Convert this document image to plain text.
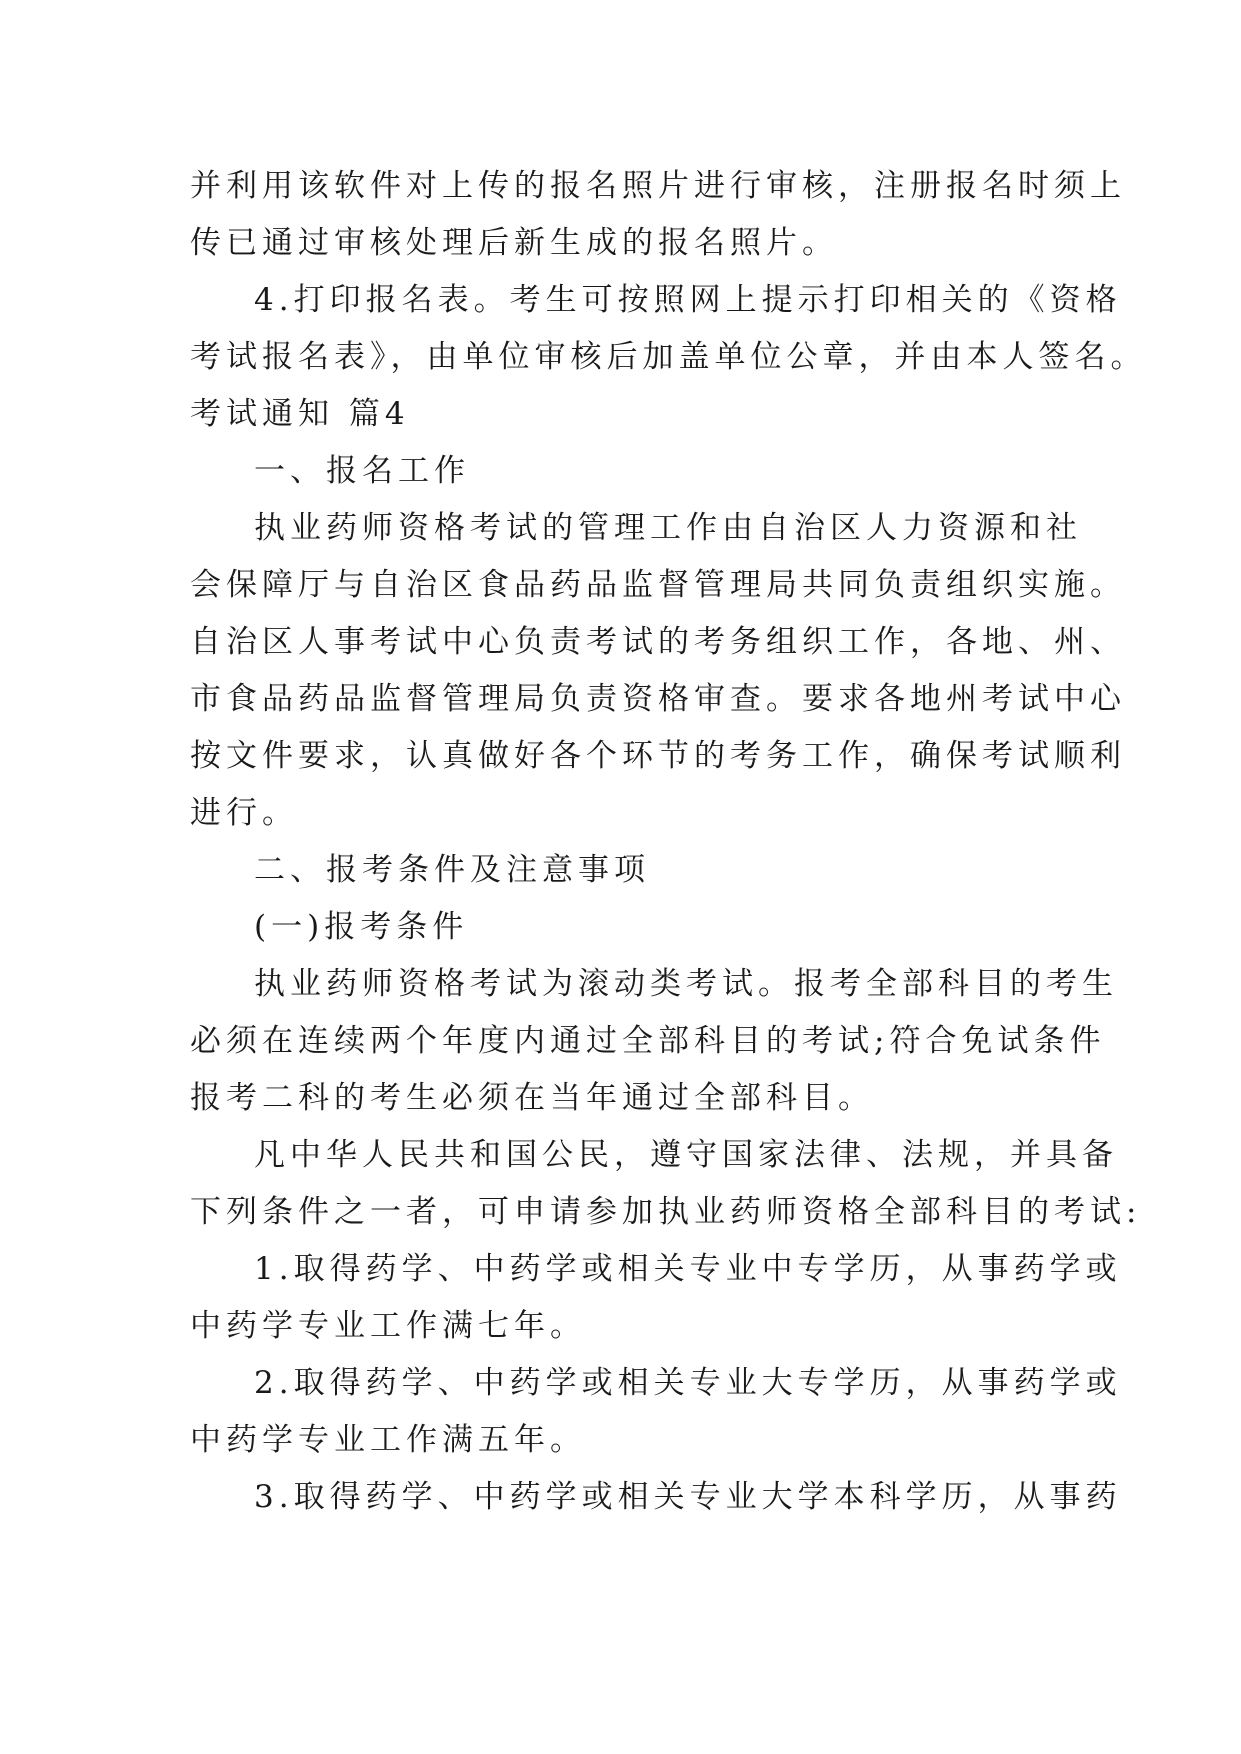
并利用该软件对上传的报名照片进行审核，注册报名时须上
传已通过审核处理后新生成的报名照片。
4.打印报名表。考生可按照网上提示打印相关的《资格
考试报名表》，由单位审核后加盖单位公章，并由本人签名。
考试通知 篇4
一、报名工作
执业药师资格考试的管理工作由自治区人力资源和社
会保障厅与自治区食品药品监督管理局共同负责组织实施。
自治区人事考试中心负责考试的考务组织工作，各地、州、
市食品药品监督管理局负责资格审查。要求各地州考试中心
按文件要求，认真做好各个环节的考务工作，确保考试顺利
进行。
二、报考条件及注意事项
(一)报考条件
执业药师资格考试为滚动类考试。报考全部科目的考生
必须在连续两个年度内通过全部科目的考试;符合免试条件
报考二科的考生必须在当年通过全部科目。
凡中华人民共和国公民，遵守国家法律、法规，并具备
下列条件之一者，可申请参加执业药师资格全部科目的考试:
1.取得药学、中药学或相关专业中专学历，从事药学或
中药学专业工作满七年。
2.取得药学、中药学或相关专业大专学历，从事药学或
中药学专业工作满五年。
3.取得药学、中药学或相关专业大学本科学历，从事药
